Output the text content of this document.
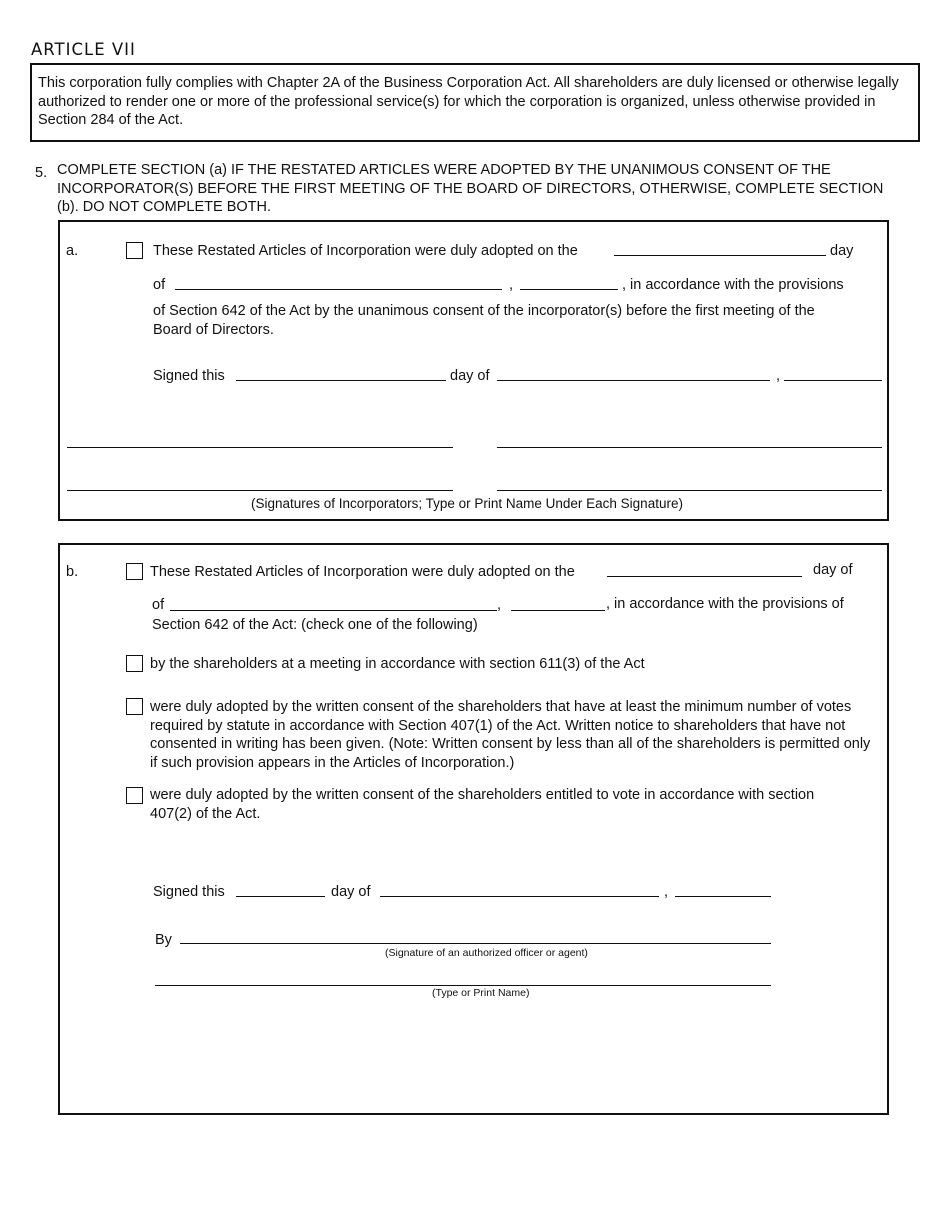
ARTICLE VII
This corporation fully complies with Chapter 2A of the Business Corporation Act. All shareholders are duly licensed or otherwise legally authorized to render one or more of the professional service(s) for which the corporation is organized, unless otherwise provided in Section 284 of the Act.
5. COMPLETE SECTION (a) IF THE RESTATED ARTICLES WERE ADOPTED BY THE UNANIMOUS CONSENT OF THE INCORPORATOR(S) BEFORE THE FIRST MEETING OF THE BOARD OF DIRECTORS, OTHERWISE, COMPLETE SECTION (b). DO NOT COMPLETE BOTH.
a.	These Restated Articles of Incorporation were duly adopted on the	day
of	,	, in accordance with the provisions
of Section 642 of the Act by the unanimous consent of the incorporator(s) before the first meeting of the Board of Directors.
Signed this	day of	,
(Signatures of Incorporators; Type or Print Name Under Each Signature)
b.	These Restated Articles of Incorporation were duly adopted on the	day of
of	,	, in accordance with the provisions of
Section 642 of the Act: (check one of the following)
by the shareholders at a meeting in accordance with section 611(3) of the Act
were duly adopted by the written consent of the shareholders that have at least the minimum number of votes required by statute in accordance with Section 407(1) of the Act. Written notice to shareholders that have not consented in writing has been given. (Note: Written consent by less than all of the shareholders is permitted only if such provision appears in the Articles of Incorporation.)
were duly adopted by the written consent of the shareholders entitled to vote in accordance with section 407(2) of the Act.
Signed this	day of	,
By
(Signature of an authorized officer or agent)
(Type or Print Name)
